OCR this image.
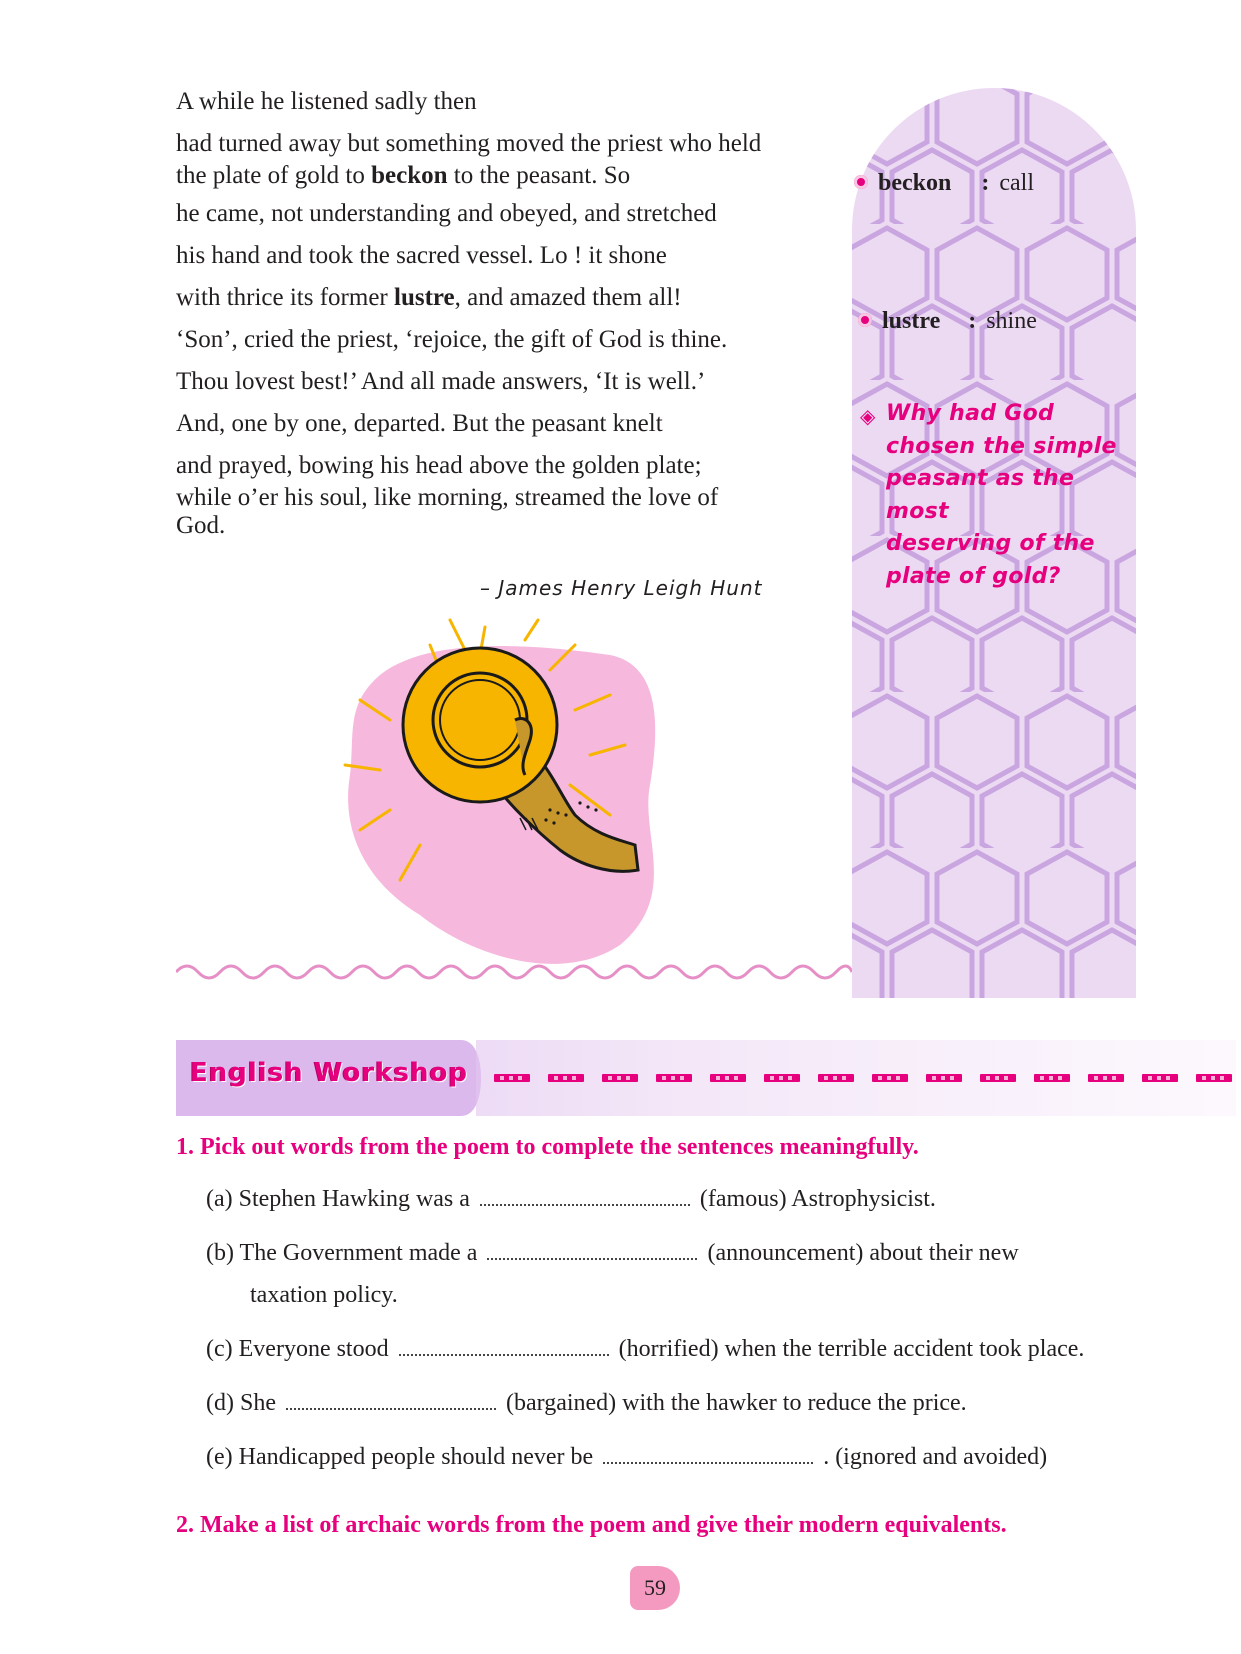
A while he listened sadly then
had turned away but something moved the priest who held
the plate of gold to beckon to the peasant. So
he came, not understanding and obeyed, and stretched
his hand and took the sacred vessel. Lo ! it shone
with thrice its former lustre, and amazed them all!
‘Son’, cried the priest, ‘rejoice, the gift of God is thine.
Thou lovest best!’ And all made answers, ‘It is well.’
And, one by one, departed. But the peasant knelt
and prayed, bowing his head above the golden plate;
while o’er his soul, like morning, streamed the love of
God.
– James Henry Leigh Hunt
beckon : call
lustre : shine
◈ Why had God
chosen the simple
peasant as the most
deserving of the
plate of gold?
English Workshop
1. Pick out words from the poem to complete the sentences meaningfully.
(a) Stephen Hawking was a	(famous) Astrophysicist.
(b) The Government made a	(announcement) about their new
taxation policy.
(c) Everyone stood	(horrified) when the terrible accident took place.
(d) She	(bargained) with the hawker to reduce the price.
(e) Handicapped people should never be	. (ignored and avoided)
2. Make a list of archaic words from the poem and give their modern equivalents.
59
